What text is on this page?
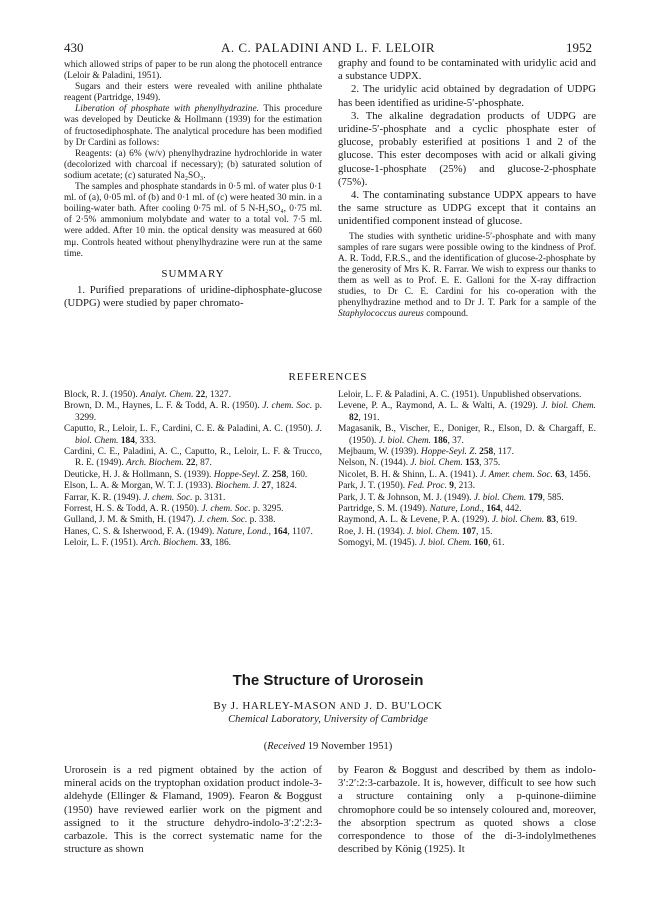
430	A. C. PALADINI AND L. F. LELOIR	1952

which allowed strips of paper to be run along the photocell entrance (Leloir & Paladini, 1951).

Sugars and their esters were revealed with aniline phthalate reagent (Partridge, 1949).

Liberation of phosphate with phenylhydrazine. This procedure was developed by Deuticke & Hollmann (1939) for the estimation of fructosediphosphate. The analytical procedure has been modified by Dr Cardini as follows:

Reagents: (a) 6% (w/v) phenylhydrazine hydrochloride in water (decolorized with charcoal if necessary); (b) saturated solution of sodium acetate; (c) saturated Na₂SO₃.

The samples and phosphate standards in 0·5 ml. of water plus 0·1 ml. of (a), 0·05 ml. of (b) and 0·1 ml. of (c) were heated 30 min. in a boiling-water bath. After cooling 0·75 ml. of 5 N-H₂SO₄, 0·75 ml. of 2·5% ammonium molybdate and water to a total vol. 7·5 ml. were added. After 10 min. the optical density was measured at 660 mμ. Controls heated without phenylhydrazine were run at the same time.

SUMMARY

1. Purified preparations of uridine-diphosphate-glucose (UDPG) were studied by paper chromato-

graphy and found to be contaminated with uridylic acid and a substance UDPX.

2. The uridylic acid obtained by degradation of UDPG has been identified as uridine-5′-phosphate.

3. The alkaline degradation products of UDPG are uridine-5′-phosphate and a cyclic phosphate ester of glucose, probably esterified at positions 1 and 2 of the glucose. This ester decomposes with acid or alkali giving glucose-1-phosphate (25%) and glucose-2-phosphate (75%).

4. The contaminating substance UDPX appears to have the same structure as UDPG except that it contains an unidentified component instead of glucose.

The studies with synthetic uridine-5′-phosphate and with many samples of rare sugars were possible owing to the kindness of Prof. A. R. Todd, F.R.S., and the identification of glucose-2-phosphate by the generosity of Mrs K. R. Farrar. We wish to express our thanks to them as well as to Prof. E. E. Galloni for the X-ray diffraction studies, to Dr C. E. Cardini for his co-operation with the phenylhydrazine method and to Dr J. T. Park for a sample of the Staphylococcus aureus compound.

REFERENCES
Block, R. J. (1950). Analyt. Chem. 22, 1327.
Brown, D. M., Haynes, L. F. & Todd, A. R. (1950). J. chem. Soc. p. 3299.
Caputto, R., Leloir, L. F., Cardini, C. E. & Paladini, A. C. (1950). J. biol. Chem. 184, 333.
Cardini, C. E., Paladini, A. C., Caputto, R., Leloir, L. F. & Trucco, R. E. (1949). Arch. Biochem. 22, 87.
Deuticke, H. J. & Hollmann, S. (1939). Hoppe-Seyl. Z. 258, 160.
Elson, L. A. & Morgan, W. T. J. (1933). Biochem. J. 27, 1824.
Farrar, K. R. (1949). J. chem. Soc. p. 3131.
Forrest, H. S. & Todd, A. R. (1950). J. chem. Soc. p. 3295.
Gulland, J. M. & Smith, H. (1947). J. chem. Soc. p. 338.
Hanes, C. S. & Isherwood, F. A. (1949). Nature, Lond., 164, 1107.
Leloir, L. F. (1951). Arch. Biochem. 33, 186.
Leloir, L. F. & Paladini, A. C. (1951). Unpublished observations.
Levene, P. A., Raymond, A. L. & Walti, A. (1929). J. biol. Chem. 82, 191.
Magasanik, B., Vischer, E., Doniger, R., Elson, D. & Chargaff, E. (1950). J. biol. Chem. 186, 37.
Mejbaum, W. (1939). Hoppe-Seyl. Z. 258, 117.
Nelson, N. (1944). J. biol. Chem. 153, 375.
Nicolet, B. H. & Shinn, L. A. (1941). J. Amer. chem. Soc. 63, 1456.
Park, J. T. (1950). Fed. Proc. 9, 213.
Park, J. T. & Johnson, M. J. (1949). J. biol. Chem. 179, 585.
Partridge, S. M. (1949). Nature, Lond., 164, 442.
Raymond, A. L. & Levene, P. A. (1929). J. biol. Chem. 83, 619.
Roe, J. H. (1934). J. biol. Chem. 107, 15.
Somogyi, M. (1945). J. biol. Chem. 160, 61.
The Structure of Urorosein
By J. HARLEY-MASON AND J. D. BU'LOCK
Chemical Laboratory, University of Cambridge
(Received 19 November 1951)

Urorosein is a red pigment obtained by the action of mineral acids on the tryptophan oxidation product indole-3-aldehyde (Ellinger & Flamand, 1909). Fearon & Boggust (1950) have reviewed earlier work on the pigment and assigned to it the structure dehydro-indolo-3′:2′:2:3-carbazole. This is the correct systematic name for the structure as shown

by Fearon & Boggust and described by them as indolo-3′:2′:2:3-carbazole. It is, however, difficult to see how such a structure containing only a p-quinone-diimine chromophore could be so intensely coloured and, moreover, the absorption spectrum as quoted shows a close correspondence to those of the di-3-indolylmethenes described by König (1925). It
